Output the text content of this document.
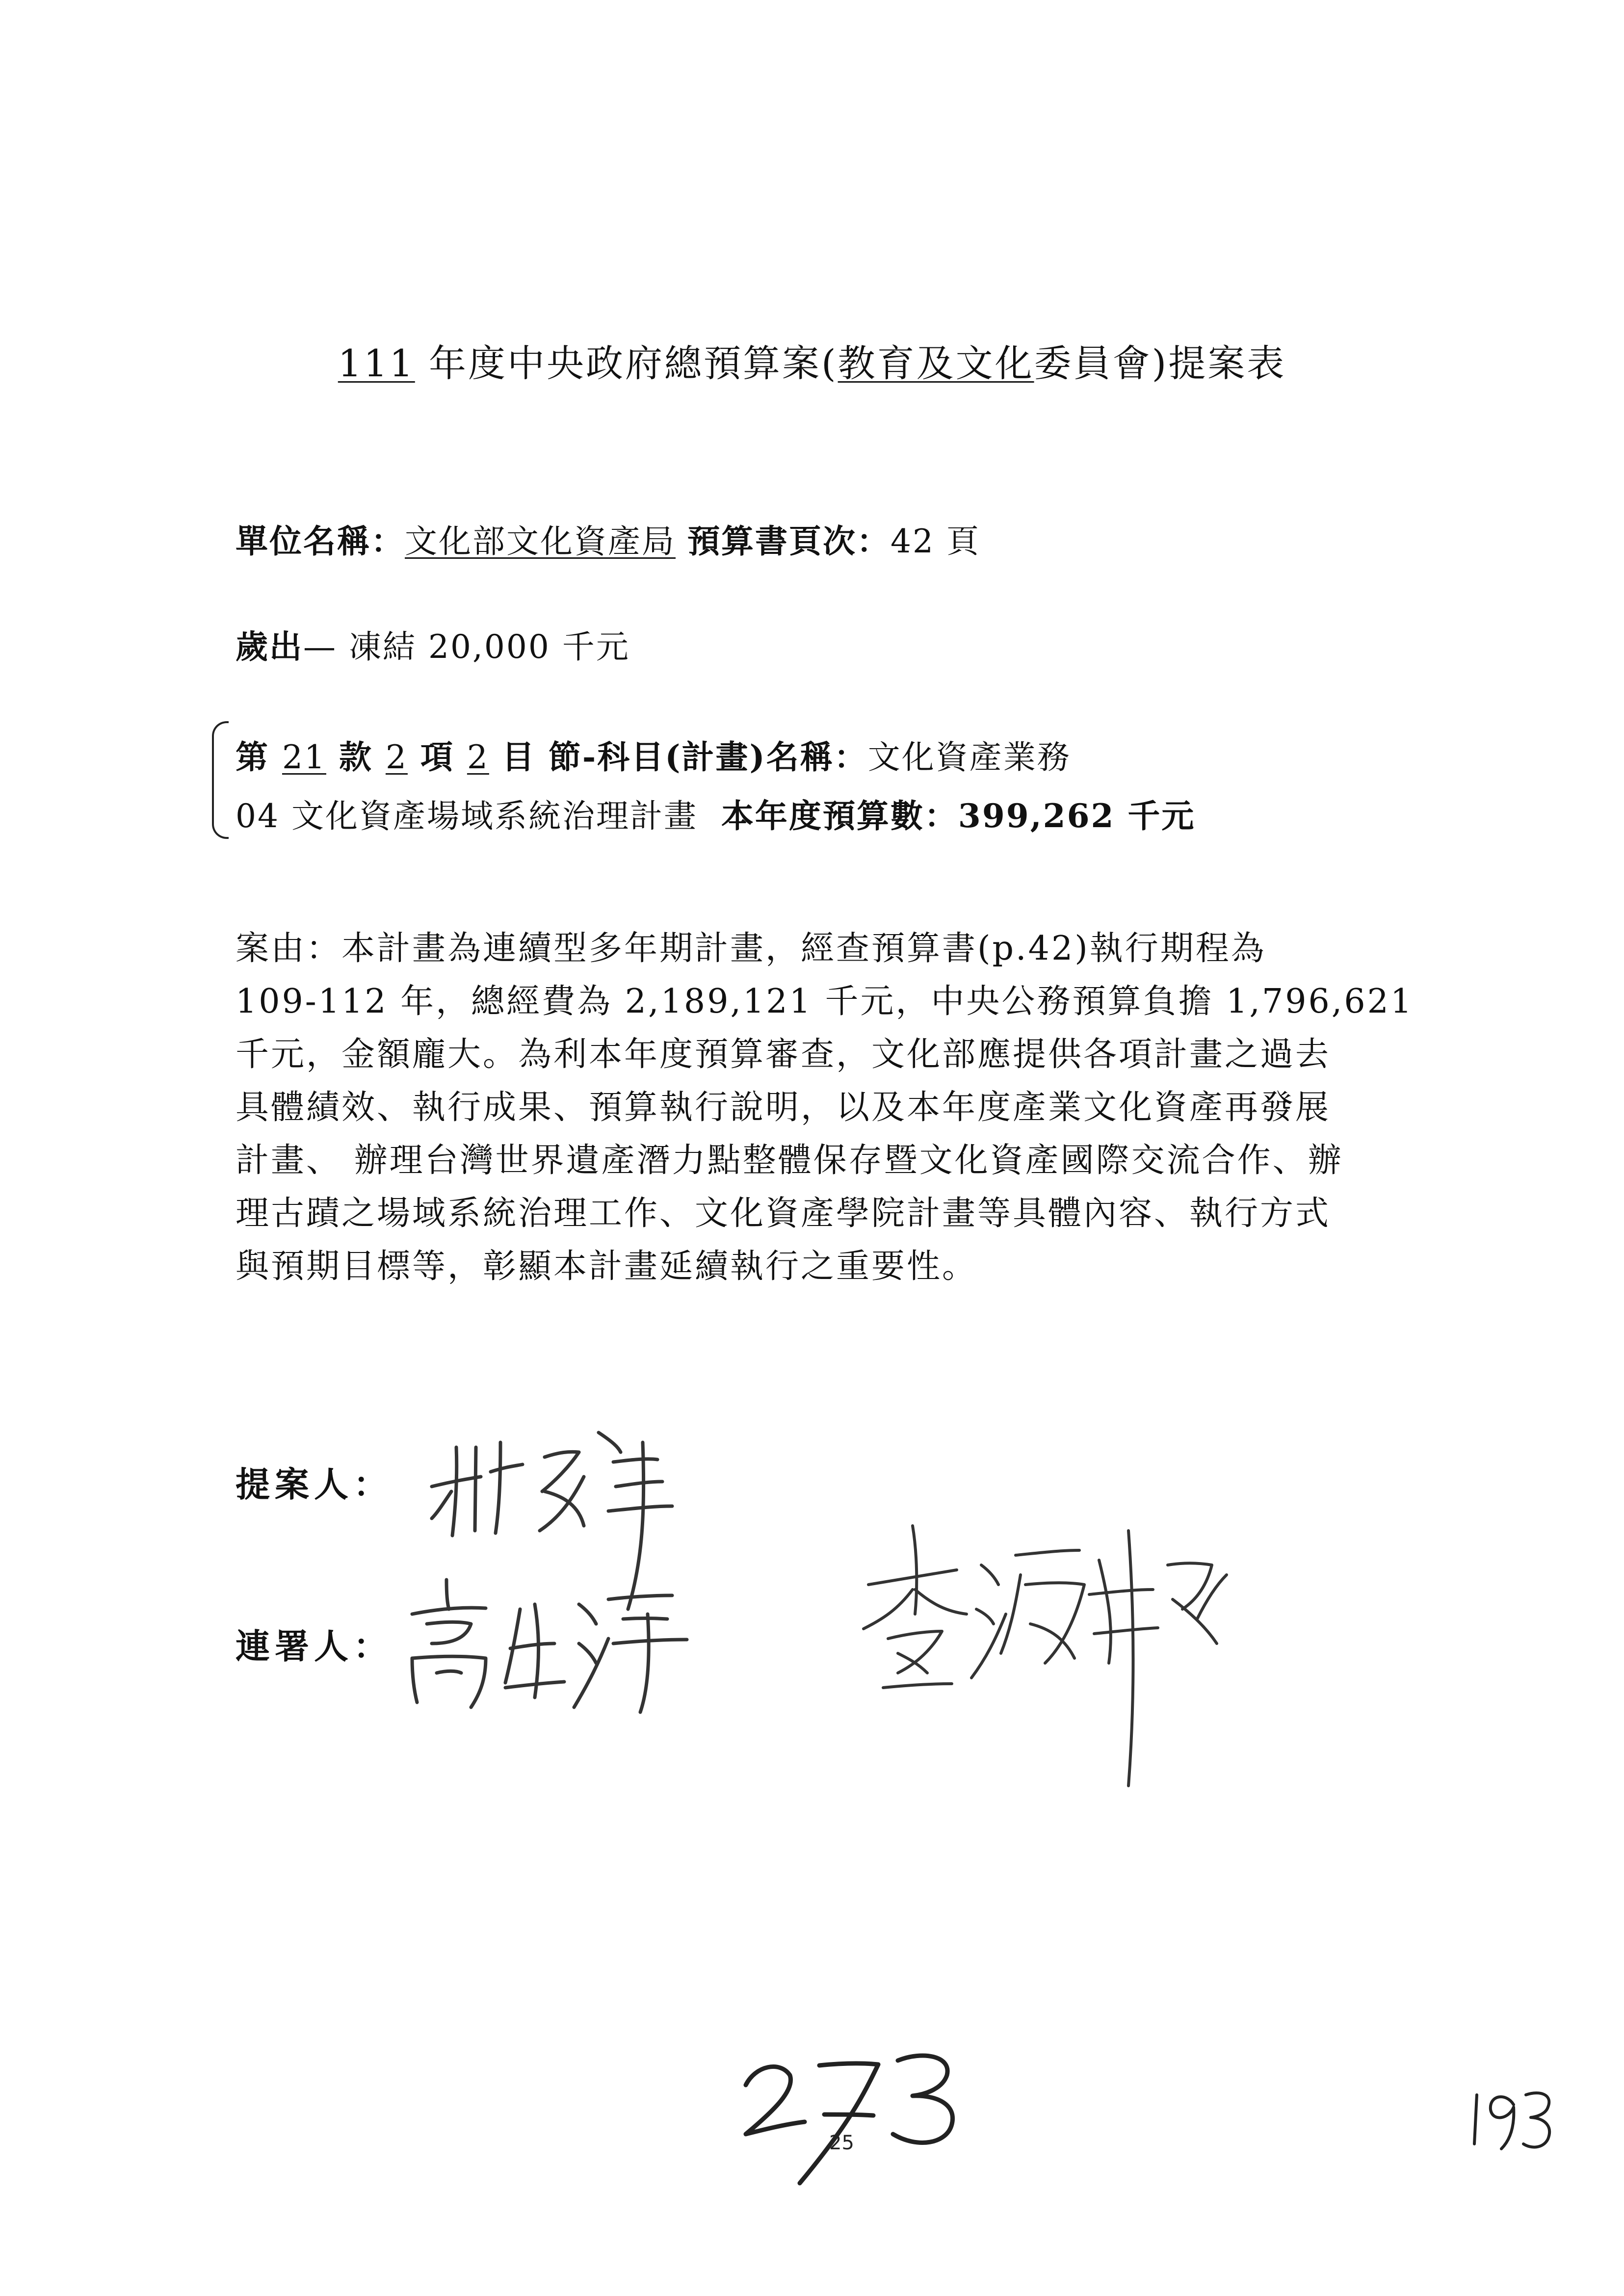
111 年度中央政府總預算案(教育及文化委員會)提案表
單位名稱：文化部文化資產局 預算書頁次：42 頁
歲出— 凍結 20,000 千元
第 21 款 2 項 2 目 節-科目(計畫)名稱：文化資產業務
04 文化資產場域系統治理計畫 本年度預算數：399,262 千元
案由：本計畫為連續型多年期計畫，經查預算書(p.42)執行期程為
109-112 年，總經費為 2,189,121 千元，中央公務預算負擔 1,796,621
千元，金額龐大。為利本年度預算審查，文化部應提供各項計畫之過去
具體績效、執行成果、預算執行說明，以及本年度產業文化資產再發展
計畫、 辦理台灣世界遺產潛力點整體保存暨文化資產國際交流合作、辦
理古蹟之場域系統治理工作、文化資產學院計畫等具體內容、執行方式
與預期目標等，彰顯本計畫延續執行之重要性。
提案人：
連署人：
25
